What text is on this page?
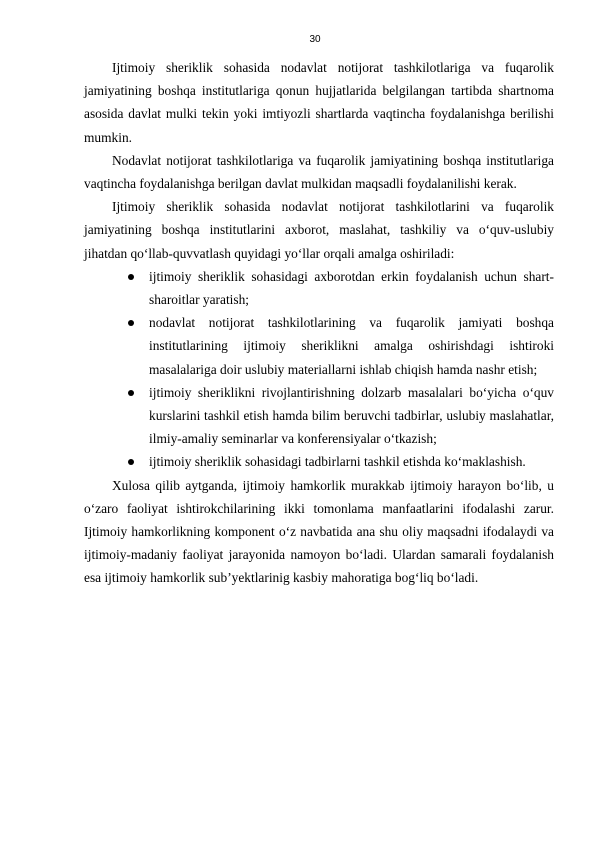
30

Ijtimoiy sheriklik sohasida nodavlat notijorat tashkilotlariga va fuqarolik jamiyatining boshqa institutlariga qonun hujjatlarida belgilangan tartibda shartnoma asosida davlat mulki tekin yoki imtiyozli shartlarda vaqtincha foydalanishga berilishi mumkin.

Nodavlat notijorat tashkilotlariga va fuqarolik jamiyatining boshqa institutlariga vaqtincha foydalanishga berilgan davlat mulkidan maqsadli foydalanilishi kerak.

Ijtimoiy sheriklik sohasida nodavlat notijorat tashkilotlarini va fuqarolik jamiyatining boshqa institutlarini axborot, maslahat, tashkiliy va o‘quv-uslubiy jihatdan qo‘llab-quvvatlash quyidagi yo‘llar orqali amalga oshiriladi:

ijtimoiy sheriklik sohasidagi axborotdan erkin foydalanish uchun shart-sharoitlar yaratish;
nodavlat notijorat tashkilotlarining va fuqarolik jamiyati boshqa institutlarining ijtimoiy sheriklikni amalga oshirishdagi ishtiroki masalalariga doir uslubiy materiallarni ishlab chiqish hamda nashr etish;
ijtimoiy sheriklikni rivojlantirishning dolzarb masalalari bo‘yicha o‘quv kurslarini tashkil etish hamda bilim beruvchi tadbirlar, uslubiy maslahatlar, ilmiy-amaliy seminarlar va konferensiyalar o‘tkazish;
ijtimoiy sheriklik sohasidagi tadbirlarni tashkil etishda ko‘maklashish.

Xulosa qilib aytganda, ijtimoiy hamkorlik murakkab ijtimoiy harayon bo‘lib, u o‘zaro faoliyat ishtirokchilarining ikki tomonlama manfaatlarini ifodalashi zarur. Ijtimoiy hamkorlikning komponent o‘z navbatida ana shu oliy maqsadni ifodalaydi va ijtimoiy-madaniy faoliyat jarayonida namoyon bo‘ladi. Ulardan samarali foydalanish esa ijtimoiy hamkorlik sub’yektlarinig kasbiy mahoratiga bog‘liq bo‘ladi.
